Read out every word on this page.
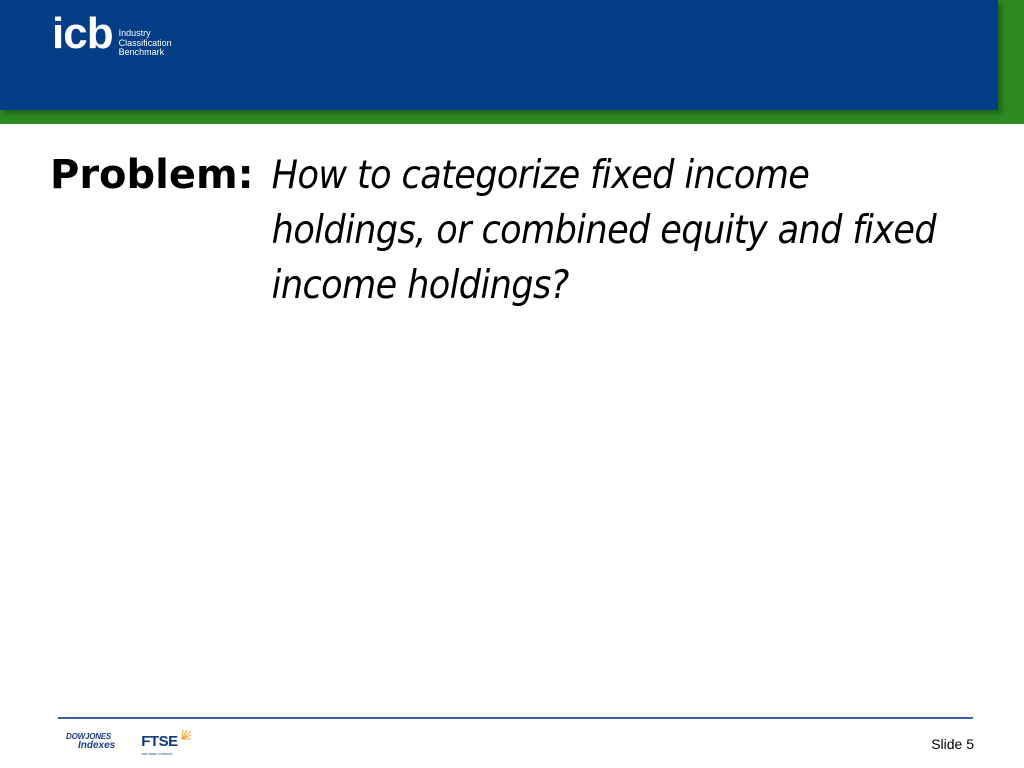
icb Industry
Classification
Benchmark
Problem: How to categorize fixed income holdings, or combined equity and fixed income holdings?
DOWJONES
Indexes FTSE
THE INDEX COMPANY
Slide 5
